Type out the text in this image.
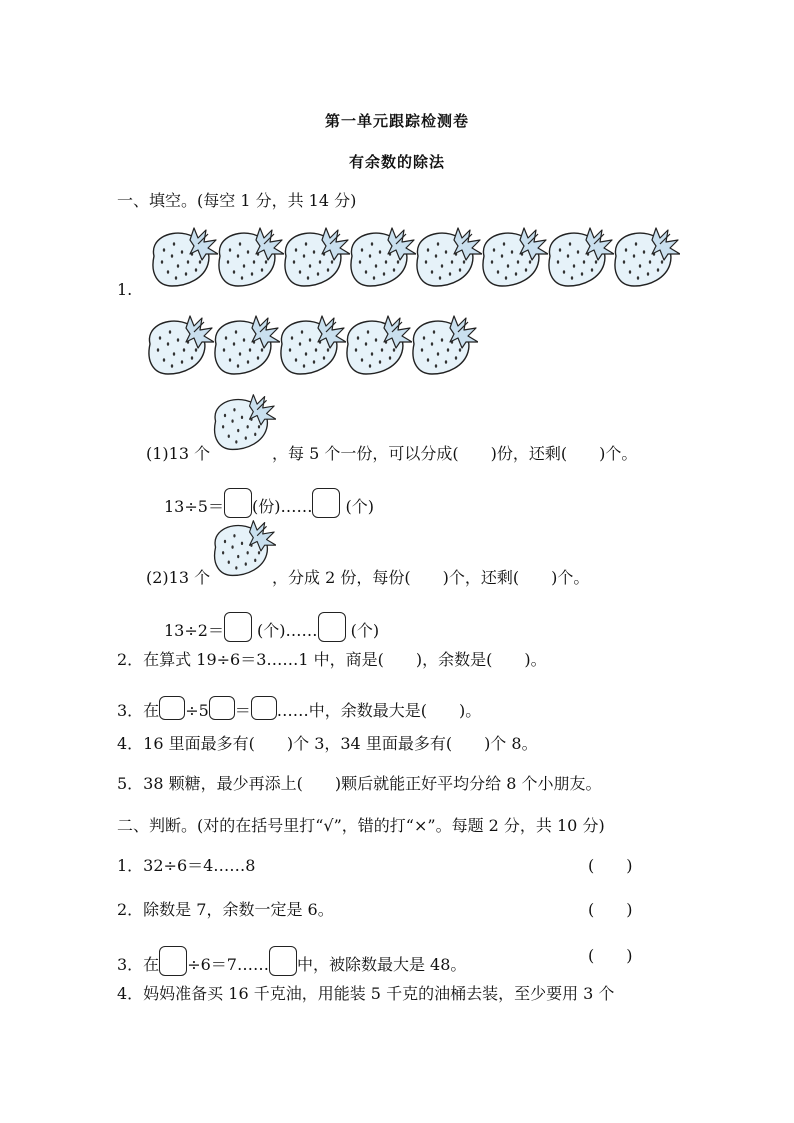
第一单元跟踪检测卷
有余数的除法
一、填空。(每空 1 分，共 14 分)
1.
(1)13 个	，每 5 个一份，可以分成(　　)份，还剩(　　)个。
13÷5＝ (份)…… (个)
(2)13 个	，分成 2 份，每份(　　)个，还剩(　　)个。
13÷2＝ (个)…… (个)
2．在算式 19÷6＝3……1 中，商是(　　)，余数是(　　)。
3．在 ÷5 ＝ ……中，余数最大是(　　)。
4．16 里面最多有(　　)个 3，34 里面最多有(　　)个 8。
5．38 颗糖，最少再添上(　　)颗后就能正好平均分给 8 个小朋友。
二、判断。(对的在括号里打“√”，错的打“×”。每题 2 分，共 10 分)
1．32÷6＝4……8	(　　)
2．除数是 7，余数一定是 6。	(　　)
3．在 ÷6＝7…… 中，被除数最大是 48。	(　　)
4．妈妈准备买 16 千克油，用能装 5 千克的油桶去装，至少要用 3 个
